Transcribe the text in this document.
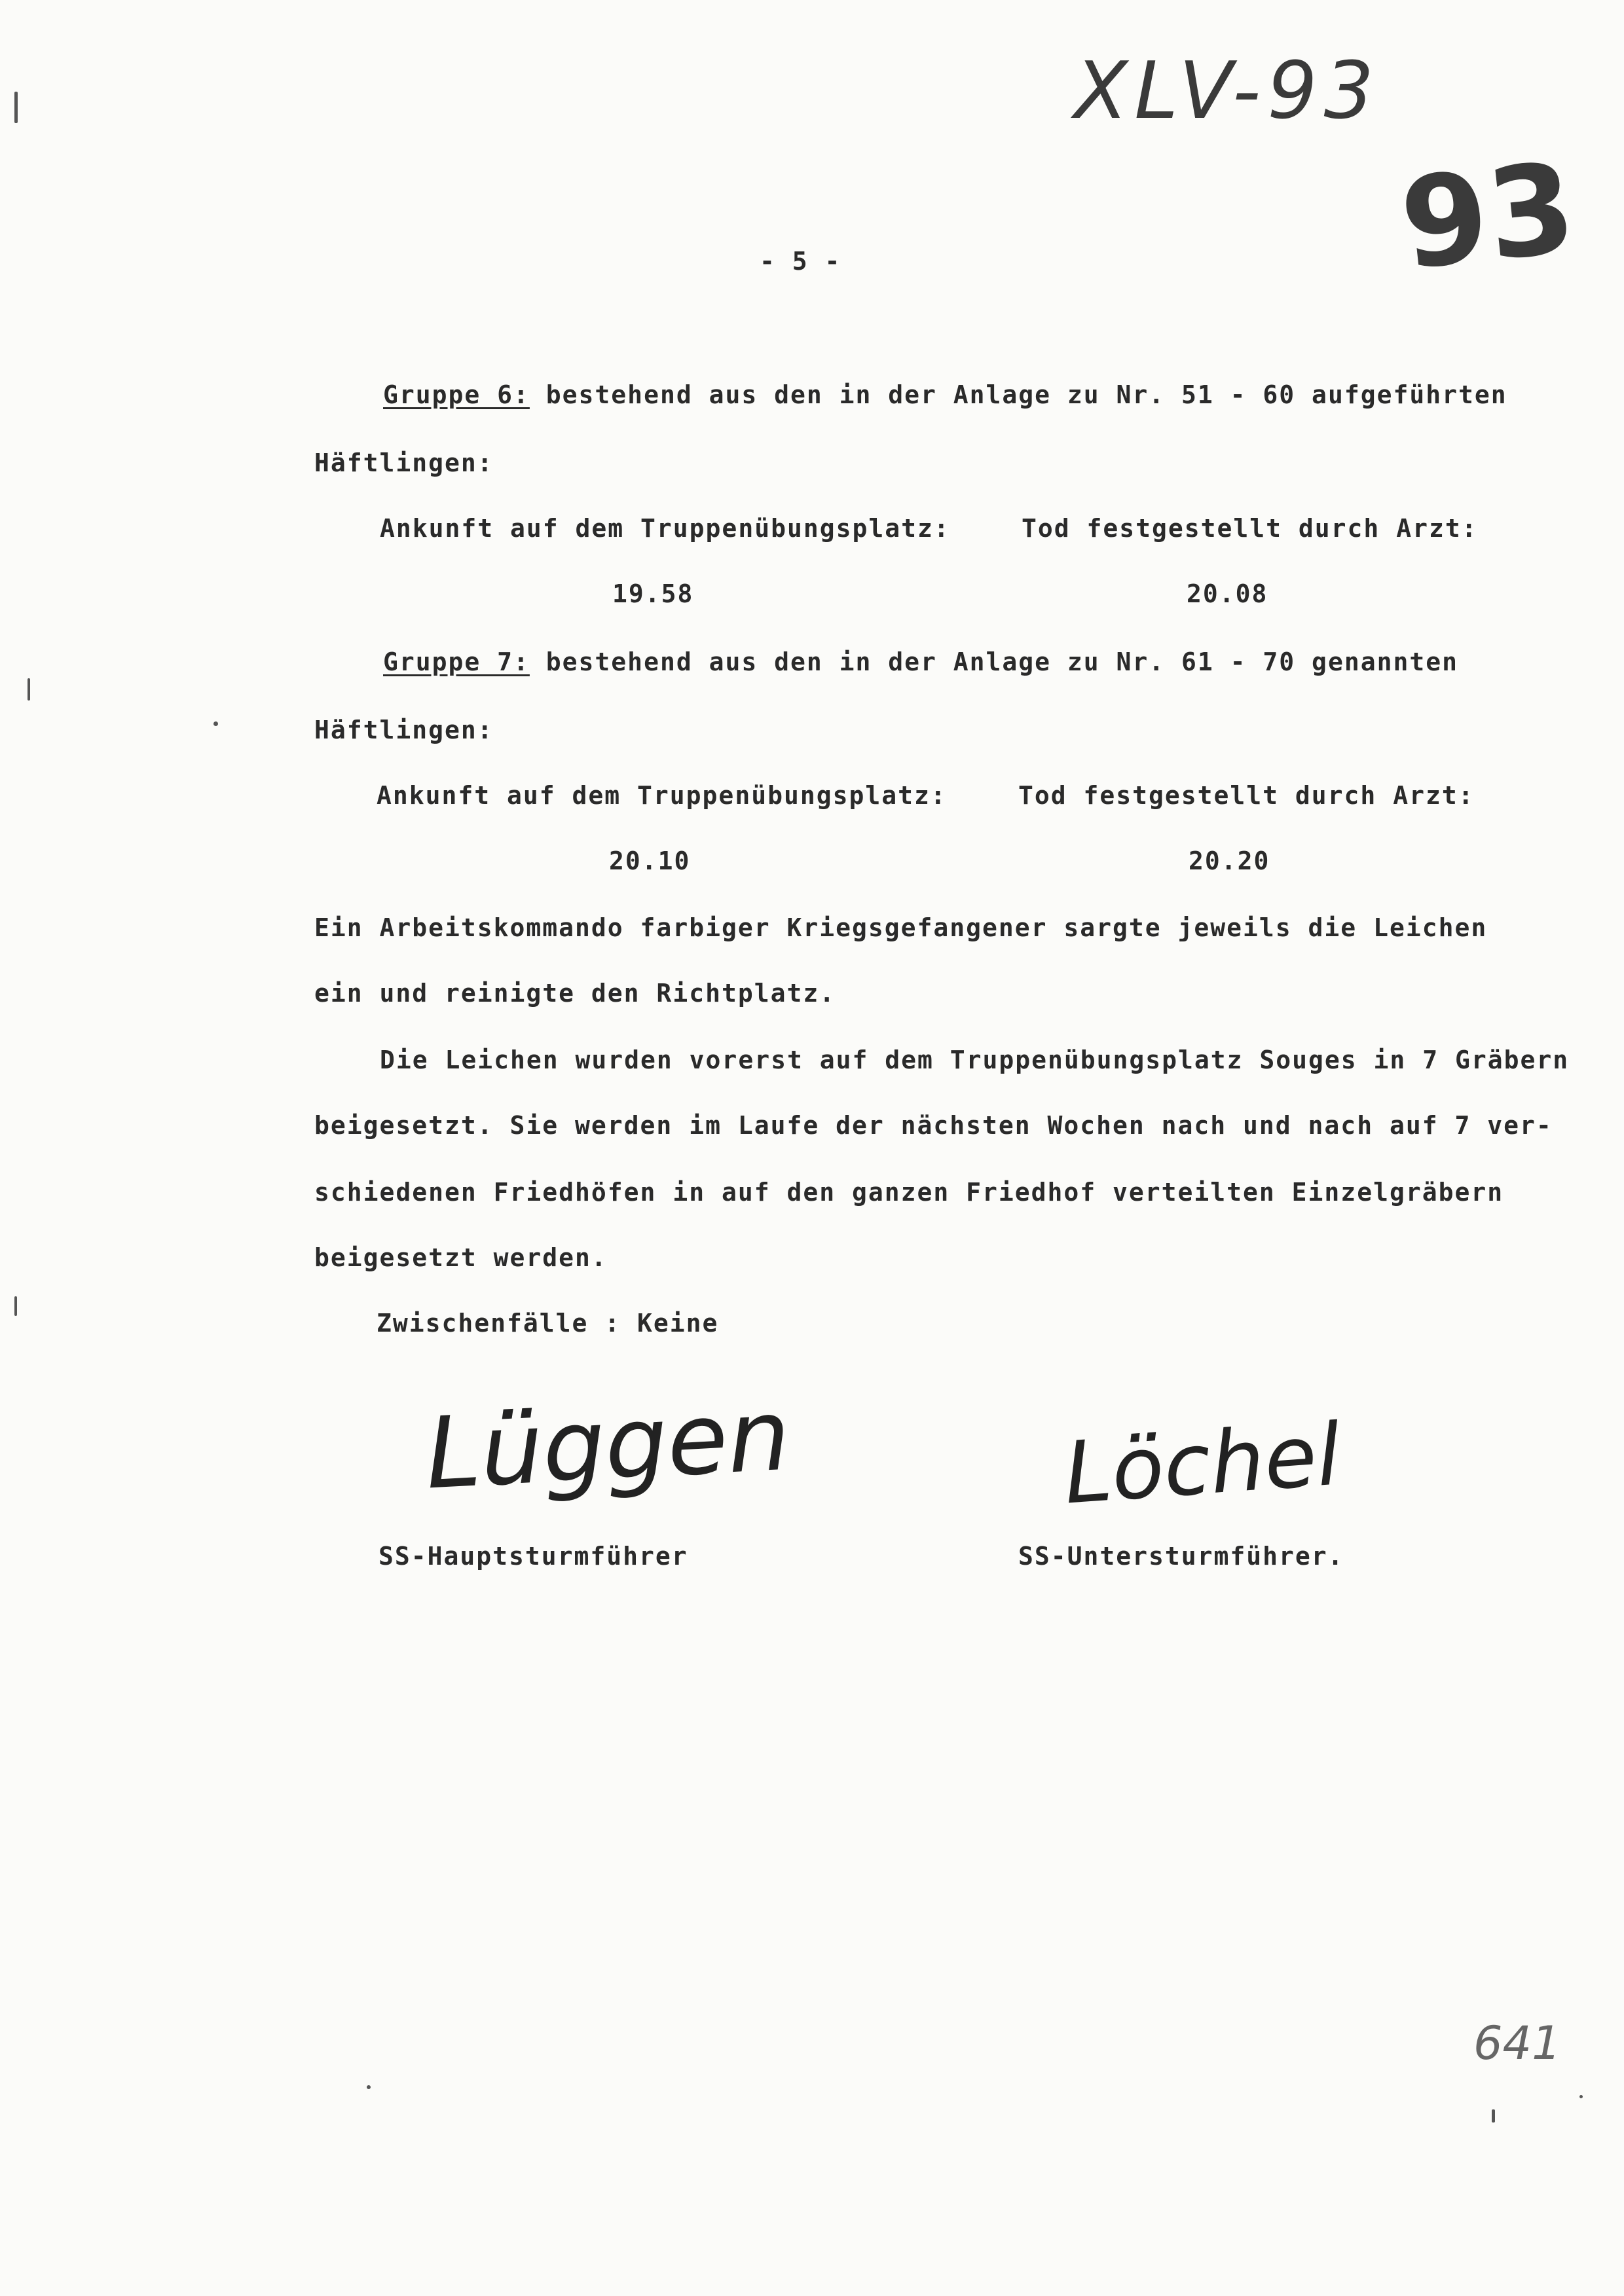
XLV-93
93
- 5 -
Gruppe 6: bestehend aus den in der Anlage zu Nr. 51 - 60 aufgeführten
Häftlingen:
Ankunft auf dem Truppenübungsplatz:	Tod festgestellt durch Arzt:
19.58	20.08
Gruppe 7: bestehend aus den in der Anlage zu Nr. 61 - 70 genannten
Häftlingen:
Ankunft auf dem Truppenübungsplatz:	Tod festgestellt durch Arzt:
20.10	20.20
Ein Arbeitskommando farbiger Kriegsgefangener sargte jeweils die Leichen
ein und reinigte den Richtplatz.
Die Leichen wurden vorerst auf dem Truppenübungsplatz Souges in 7 Gräbern
beigesetzt. Sie werden im Laufe der nächsten Wochen nach und nach auf 7 ver-
schiedenen Friedhöfen in auf den ganzen Friedhof verteilten Einzelgräbern
beigesetzt werden.
Zwischenfälle : Keine
Lüggen
SS-Hauptsturmführer
Löchel
SS-Untersturmführer.
641
